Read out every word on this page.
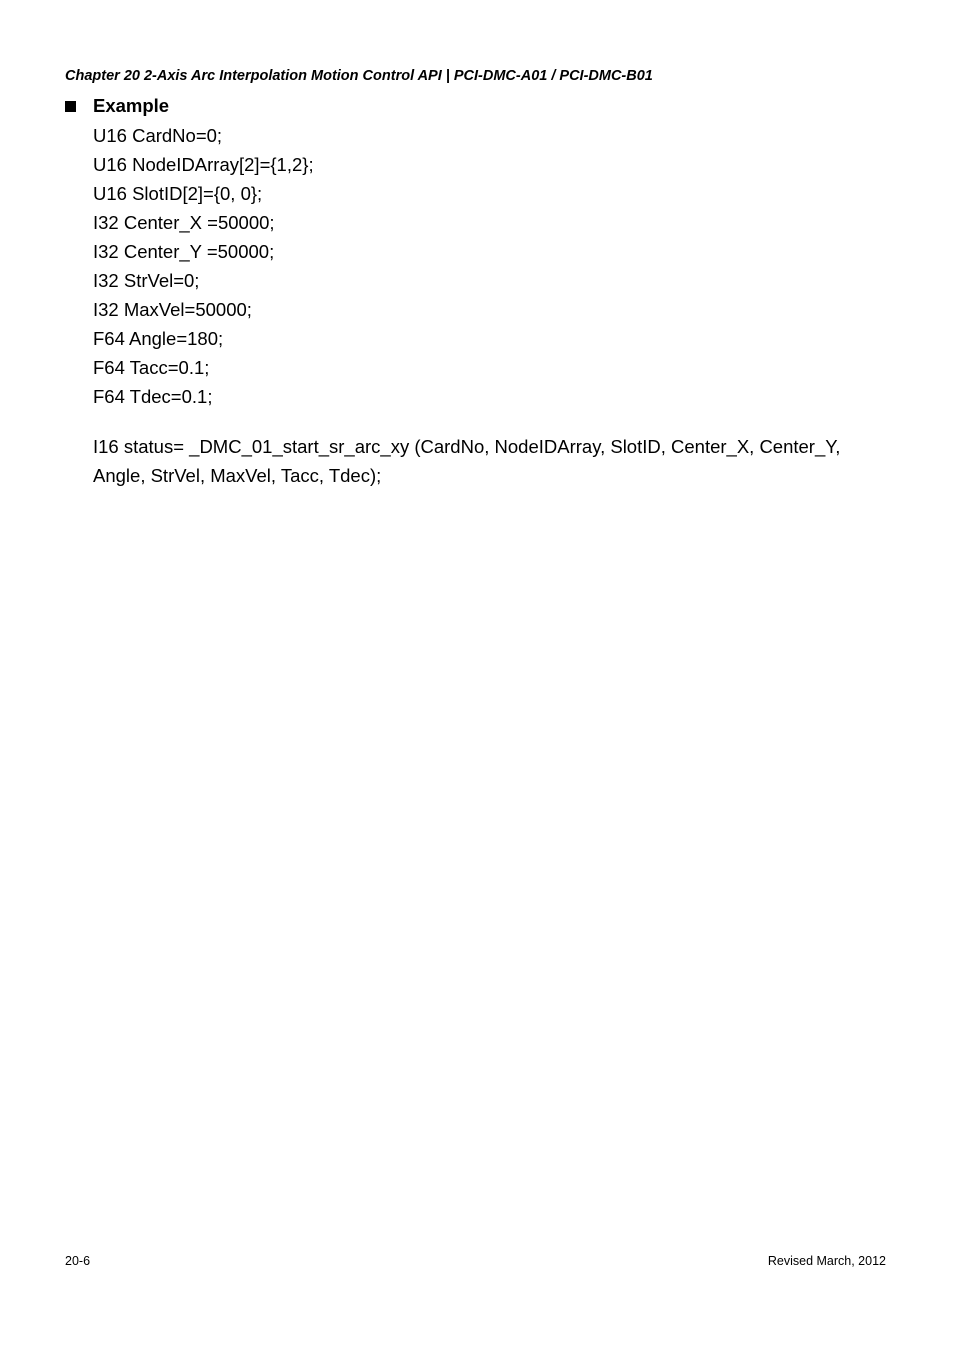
Chapter 20 2-Axis Arc Interpolation Motion Control API | PCI-DMC-A01 / PCI-DMC-B01
Example
U16 CardNo=0;
U16 NodeIDArray[2]={1,2};
U16 SlotID[2]={0, 0};
I32 Center_X =50000;
I32 Center_Y =50000;
I32 StrVel=0;
I32 MaxVel=50000;
F64 Angle=180;
F64 Tacc=0.1;
F64 Tdec=0.1;

I16 status= _DMC_01_start_sr_arc_xy (CardNo, NodeIDArray, SlotID, Center_X, Center_Y,
Angle, StrVel, MaxVel, Tacc, Tdec);

20-6	Revised March, 2012
